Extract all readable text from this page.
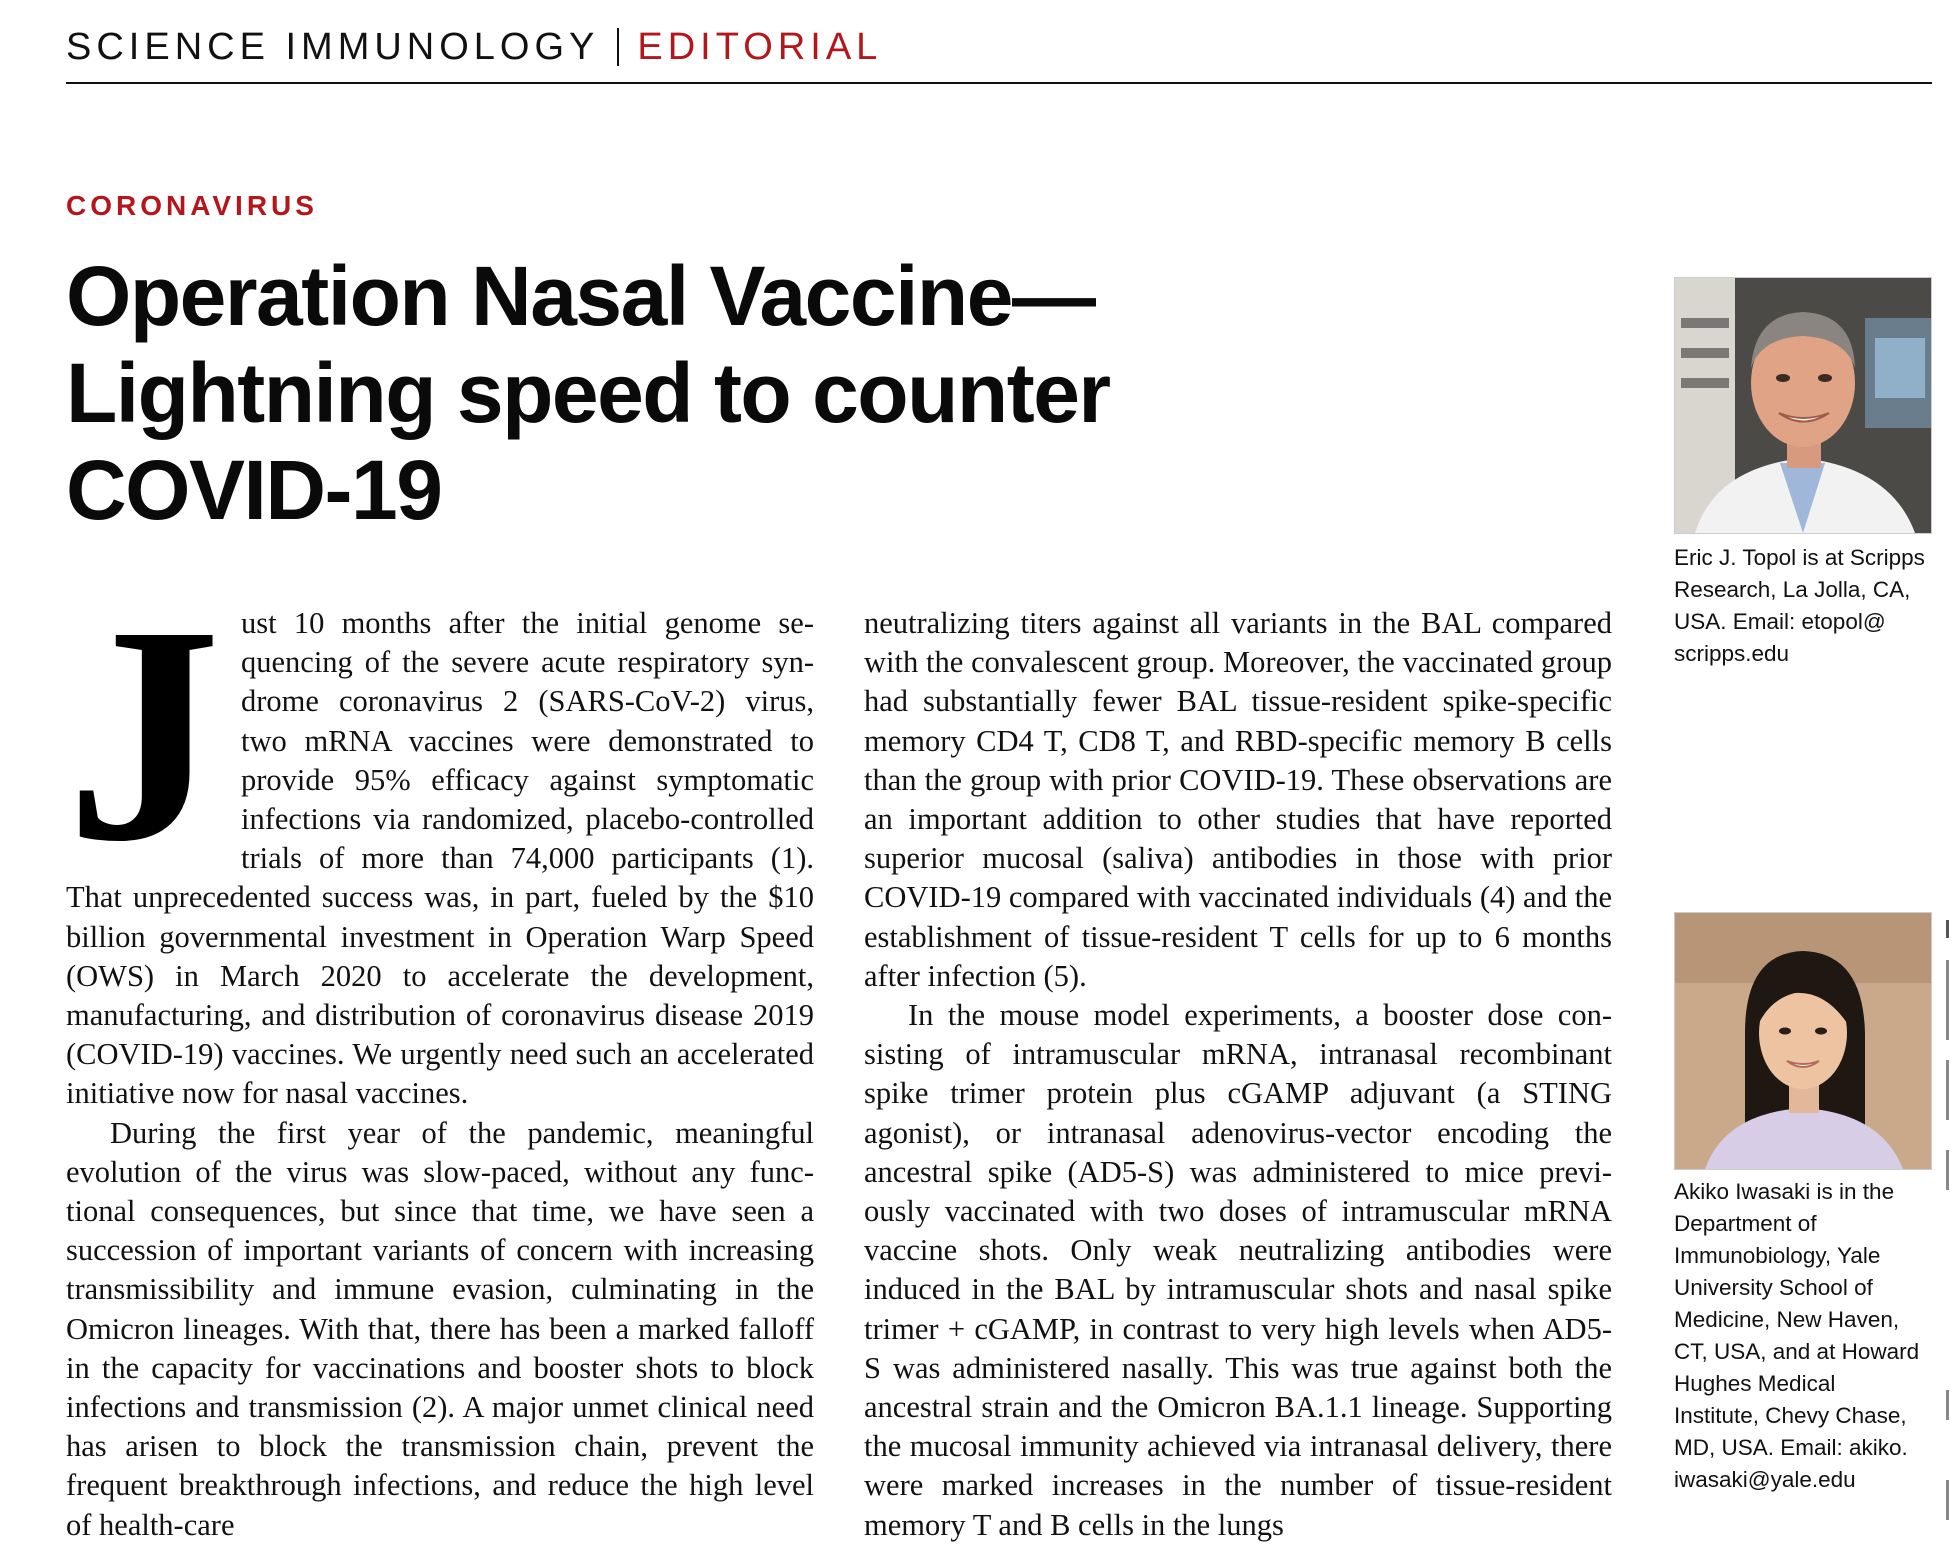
SCIENCE IMMUNOLOGY EDITORIAL
CORONAVIRUS
Operation Nasal Vaccine—
Lightning speed to counter
COVID-19

Just 10 months after the initial genome sequencing of the severe acute respiratory syndrome coronavirus 2 (SARS-CoV-2) virus, two mRNA vaccines were demonstrated to provide 95% efficacy against symptomatic infections via randomized, placebo-controlled trials of more than 74,000 participants (1). That unprecedented success was, in part, fueled by the $10 billion governmental investment in Operation Warp Speed (OWS) in March 2020 to accelerate the development, manufacturing, and distribution of coronavirus disease 2019 (COVID-19) vaccines. We urgently need such an accelerated initiative now for nasal vaccines.

During the first year of the pandemic, meaningful evolution of the virus was slow-paced, without any functional consequences, but since that time, we have seen a succession of important variants of concern with increasing transmissibility and immune evasion, culminating in the Omicron lineages. With that, there has been a marked falloff in the capacity for vaccinations and booster shots to block infections and transmission (2). A major unmet clinical need has arisen to block the transmission chain, prevent the frequent breakthrough infections, and reduce the high level of health-care

neutralizing titers against all variants in the BAL compared with the convalescent group. Moreover, the vaccinated group had substantially fewer BAL tissue-resident spike-specific memory CD4 T, CD8 T, and RBD-specific memory B cells than the group with prior COVID-19. These observations are an important addition to other studies that have reported superior mucosal (saliva) antibodies in those with prior COVID-19 compared with vaccinated individuals (4) and the establishment of tissue-resident T cells for up to 6 months after infection (5).

In the mouse model experiments, a booster dose consisting of intramuscular mRNA, intranasal recombinant spike trimer protein plus cGAMP adjuvant (a STING agonist), or intranasal adenovirus-vector encoding the ancestral spike (AD5-S) was administered to mice previously vaccinated with two doses of intramuscular mRNA vaccine shots. Only weak neutralizing antibodies were induced in the BAL by intramuscular shots and nasal spike trimer + cGAMP, in contrast to very high levels when AD5-S was administered nasally. This was true against both the ancestral strain and the Omicron BA.1.1 lineage. Supporting the mucosal immunity achieved via intranasal delivery, there were marked increases in the number of tissue-resident memory T and B cells in the lungs

Eric J. Topol is at Scripps
Research, La Jolla, CA,
USA. Email: etopol@
scripps.edu
Akiko Iwasaki is in the
Department of
Immunobiology, Yale
University School of
Medicine, New Haven,
CT, USA, and at Howard
Hughes Medical
Institute, Chevy Chase,
MD, USA. Email: akiko.
iwasaki@yale.edu
